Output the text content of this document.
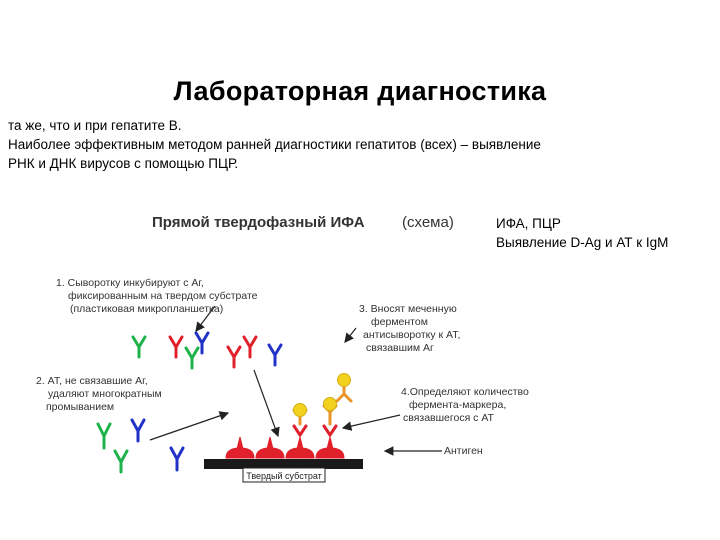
Лабораторная диагностика
та же, что и при гепатите В.
Наиболее эффективным методом ранней диагностики гепатитов (всех) – выявление
РНК и ДНК вирусов с помощью ПЦР.
ИФА, ПЦР
Выявление D-Ag и АТ к IgM
Прямой твердофазный ИФА (схема)
1. Сыворотку инкубируют с Аг,
фиксированным на твердом субстрате
(пластиковая микропланшетка)
2. АТ, не связавшие Аг,
удаляют многократным
промыванием
3. Вносят меченную
ферментом
антисыворотку к АТ,
связавшим Аг
4.Определяют количество
фермента-маркера,
связавшегося с АТ
Антиген
Твердый субстрат
